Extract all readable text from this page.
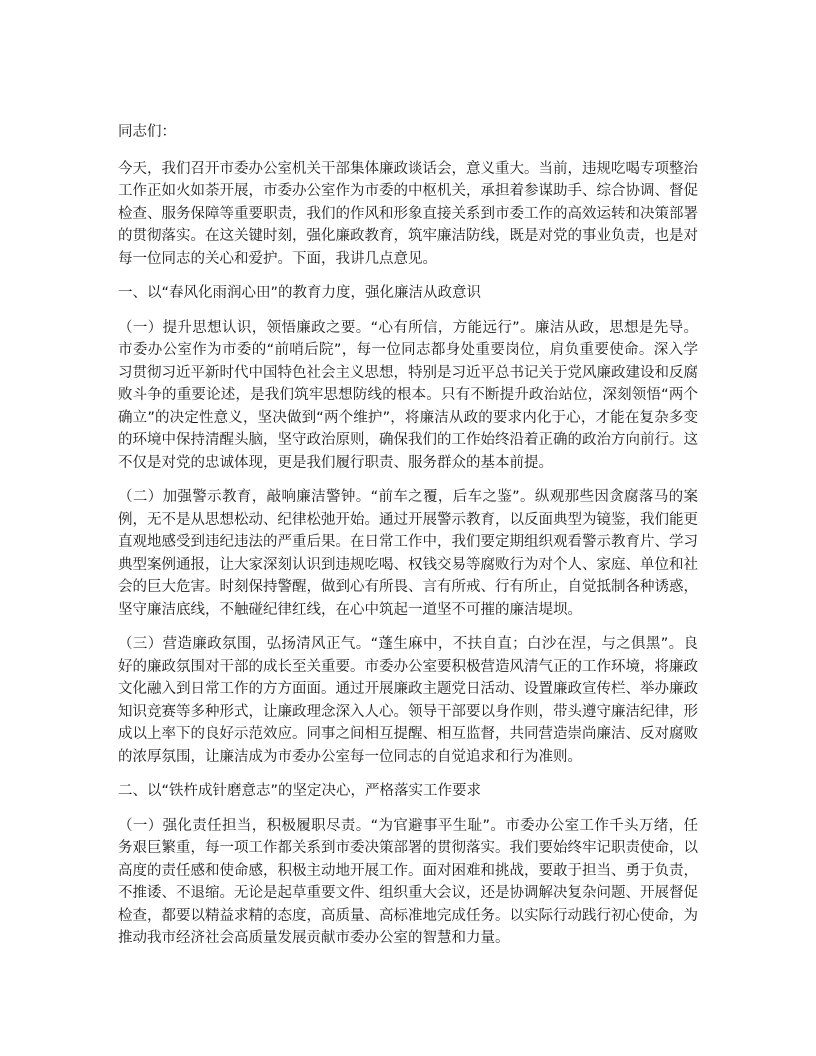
同志们：

今天，我们召开市委办公室机关干部集体廉政谈话会，意义重大。当前，违规吃喝专项整治工作正如火如荼开展，市委办公室作为市委的中枢机关，承担着参谋助手、综合协调、督促检查、服务保障等重要职责，我们的作风和形象直接关系到市委工作的高效运转和决策部署的贯彻落实。在这关键时刻，强化廉政教育，筑牢廉洁防线，既是对党的事业负责，也是对每一位同志的关心和爱护。下面，我讲几点意见。

一、以“春风化雨润心田”的教育力度，强化廉洁从政意识

（一）提升思想认识，领悟廉政之要。“心有所信，方能远行”。廉洁从政，思想是先导。市委办公室作为市委的“前哨后院”，每一位同志都身处重要岗位，肩负重要使命。深入学习贯彻习近平新时代中国特色社会主义思想，特别是习近平总书记关于党风廉政建设和反腐败斗争的重要论述，是我们筑牢思想防线的根本。只有不断提升政治站位，深刻领悟“两个确立”的决定性意义，坚决做到“两个维护”，将廉洁从政的要求内化于心，才能在复杂多变的环境中保持清醒头脑，坚守政治原则，确保我们的工作始终沿着正确的政治方向前行。这不仅是对党的忠诚体现，更是我们履行职责、服务群众的基本前提。

（二）加强警示教育，敲响廉洁警钟。“前车之覆，后车之鉴”。纵观那些因贪腐落马的案例，无不是从思想松动、纪律松弛开始。通过开展警示教育，以反面典型为镜鉴，我们能更直观地感受到违纪违法的严重后果。在日常工作中，我们要定期组织观看警示教育片、学习典型案例通报，让大家深刻认识到违规吃喝、权钱交易等腐败行为对个人、家庭、单位和社会的巨大危害。时刻保持警醒，做到心有所畏、言有所戒、行有所止，自觉抵制各种诱惑，坚守廉洁底线，不触碰纪律红线，在心中筑起一道坚不可摧的廉洁堤坝。

（三）营造廉政氛围，弘扬清风正气。“蓬生麻中，不扶自直；白沙在涅，与之俱黑”。良好的廉政氛围对干部的成长至关重要。市委办公室要积极营造风清气正的工作环境，将廉政文化融入到日常工作的方方面面。通过开展廉政主题党日活动、设置廉政宣传栏、举办廉政知识竞赛等多种形式，让廉政理念深入人心。领导干部要以身作则，带头遵守廉洁纪律，形成以上率下的良好示范效应。同事之间相互提醒、相互监督，共同营造崇尚廉洁、反对腐败的浓厚氛围，让廉洁成为市委办公室每一位同志的自觉追求和行为准则。

二、以“铁杵成针磨意志”的坚定决心，严格落实工作要求

（一）强化责任担当，积极履职尽责。“为官避事平生耻”。市委办公室工作千头万绪，任务艰巨繁重，每一项工作都关系到市委决策部署的贯彻落实。我们要始终牢记职责使命，以高度的责任感和使命感，积极主动地开展工作。面对困难和挑战，要敢于担当、勇于负责，不推诿、不退缩。无论是起草重要文件、组织重大会议，还是协调解决复杂问题、开展督促检查，都要以精益求精的态度，高质量、高标准地完成任务。以实际行动践行初心使命，为推动我市经济社会高质量发展贡献市委办公室的智慧和力量。
